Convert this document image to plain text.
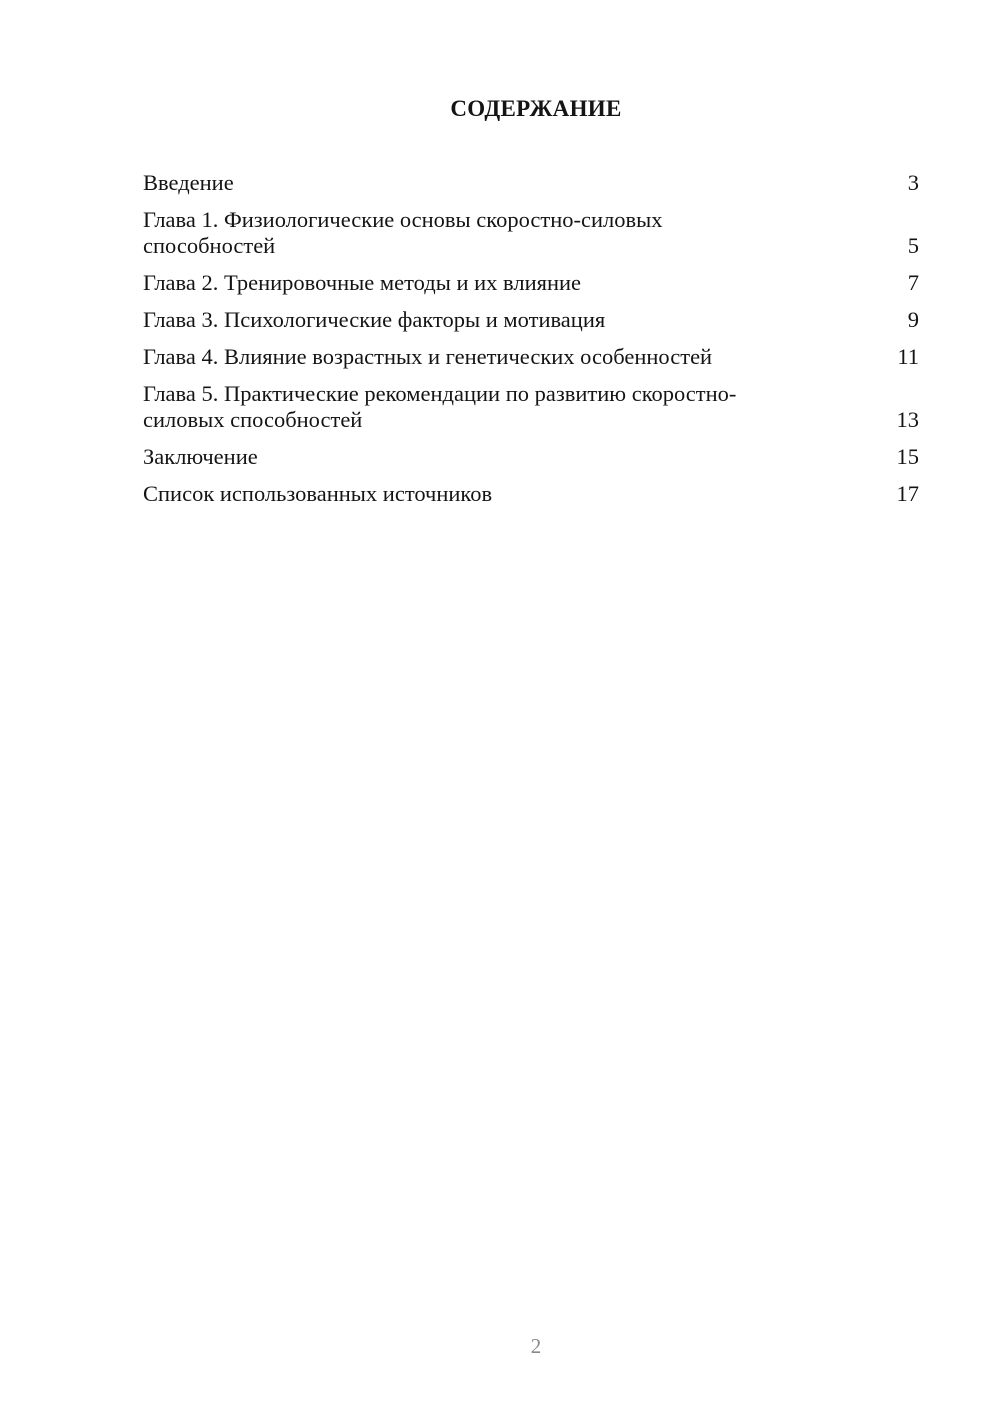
СОДЕРЖАНИЕ
Введение	3
Глава 1. Физиологические основы скоростно-силовых способностей	5
Глава 2. Тренировочные методы и их влияние	7
Глава 3. Психологические факторы и мотивация	9
Глава 4. Влияние возрастных и генетических особенностей	11
Глава 5. Практические рекомендации по развитию скоростно-силовых способностей	13
Заключение	15
Список использованных источников	17
2
